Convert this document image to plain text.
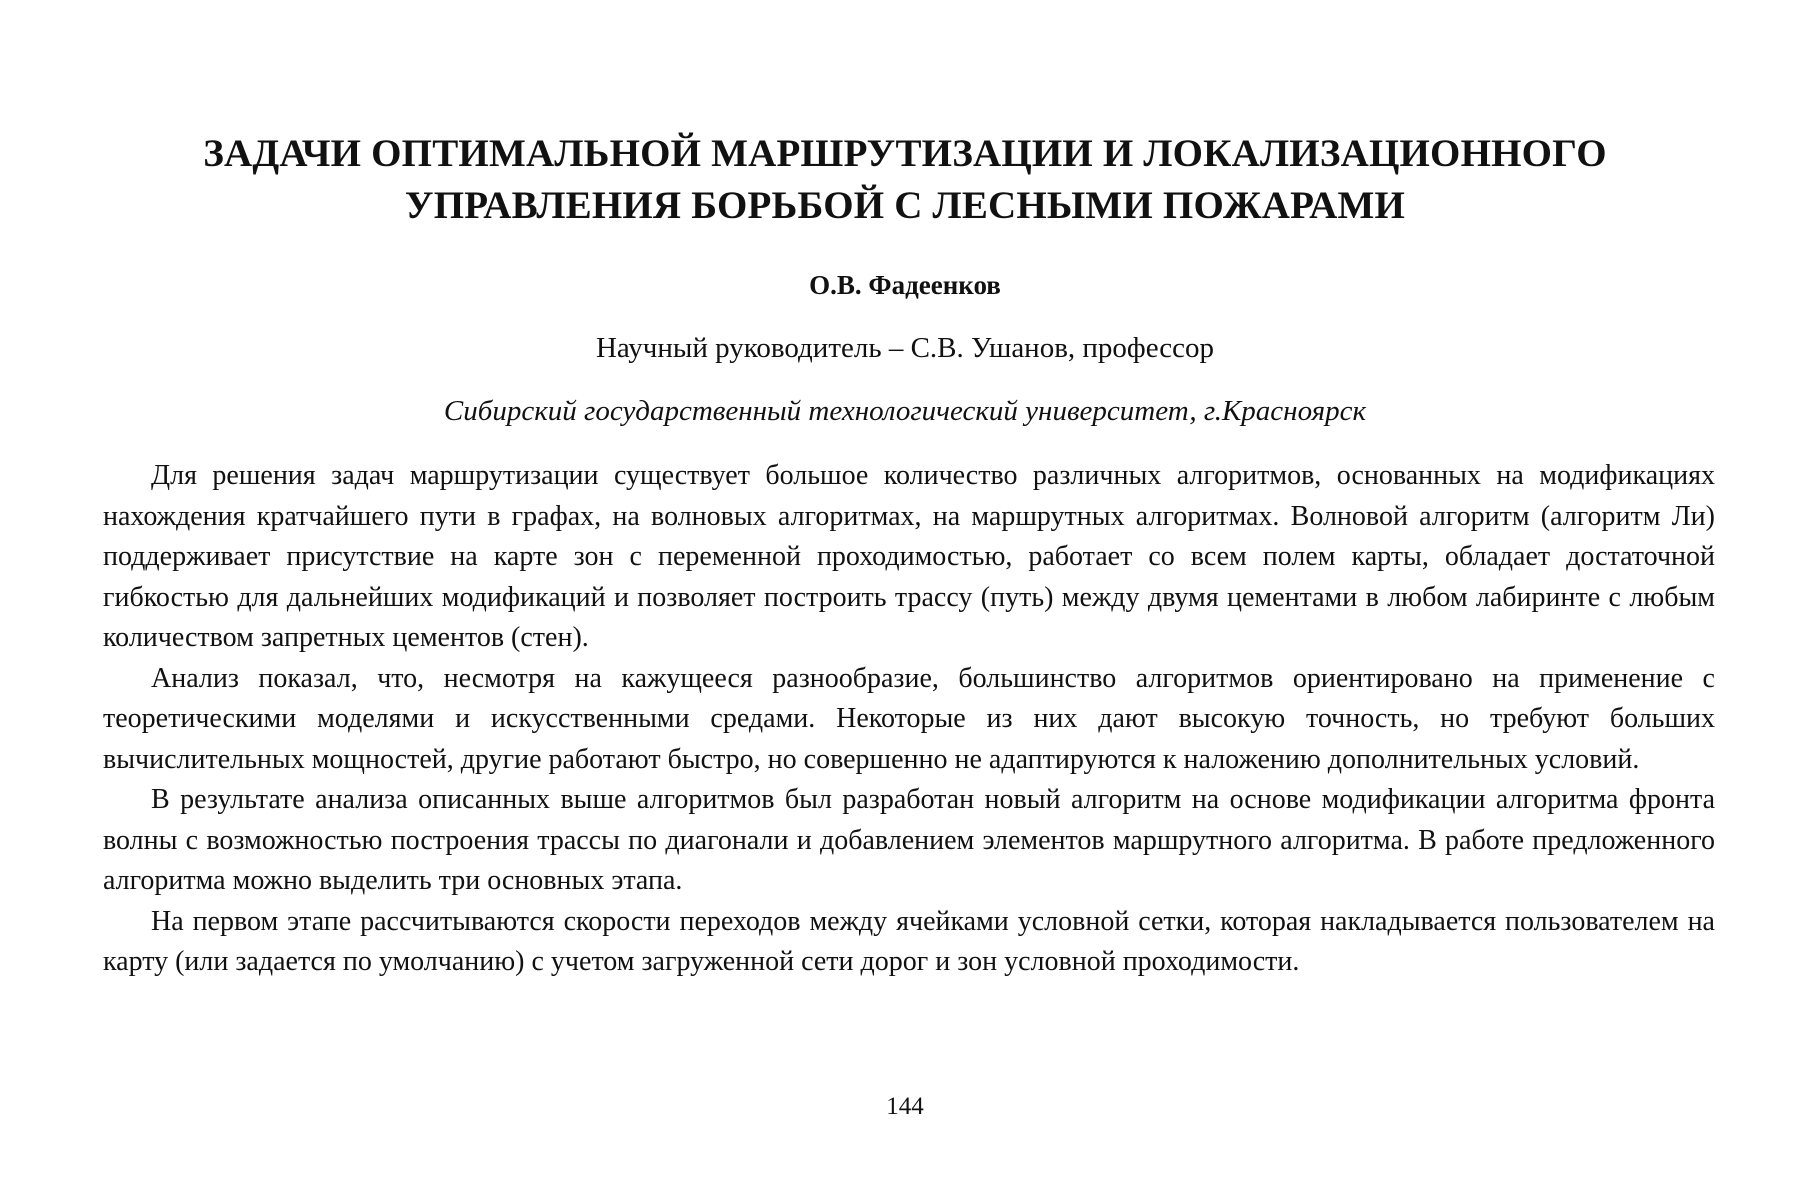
ЗАДАЧИ ОПТИМАЛЬНОЙ МАРШРУТИЗАЦИИ И ЛОКАЛИЗАЦИОННОГО
УПРАВЛЕНИЯ БОРЬБОЙ С ЛЕСНЫМИ ПОЖАРАМИ
О.В. Фадеенков
Научный руководитель – С.В. Ушанов, профессор
Сибирский государственный технологический университет, г.Красноярск

Для решения задач маршрутизации существует большое количество различных алгоритмов, основанных на модификациях нахождения кратчайшего пути в графах, на волновых алгоритмах, на маршрутных алгоритмах. Волновой алгоритм (алгоритм Ли) поддерживает присутствие на карте зон с переменной проходимостью, работает со всем полем карты, обладает достаточной гибкостью для дальнейших модификаций и позволяет построить трассу (путь) между двумя цементами в любом лабиринте с любым количеством запретных цементов (стен).

Анализ показал, что, несмотря на кажущееся разнообразие, большинство алгоритмов ориентировано на применение с теоретическими моделями и искусственными средами. Некоторые из них дают высокую точность, но требуют больших вычислительных мощностей, другие работают быстро, но совершенно не адаптируются к наложению дополнительных условий.

В результате анализа описанных выше алгоритмов был разработан новый алгоритм на основе модификации алгоритма фронта волны с возможностью построения трассы по диагонали и добавлением элементов маршрутного алгоритма. В работе предложенного алгоритма можно выделить три основных этапа.

На первом этапе рассчитываются скорости переходов между ячейками условной сетки, которая накладывается пользователем на карту (или задается по умолчанию) с учетом загруженной сети дорог и зон условной проходимости.

144
